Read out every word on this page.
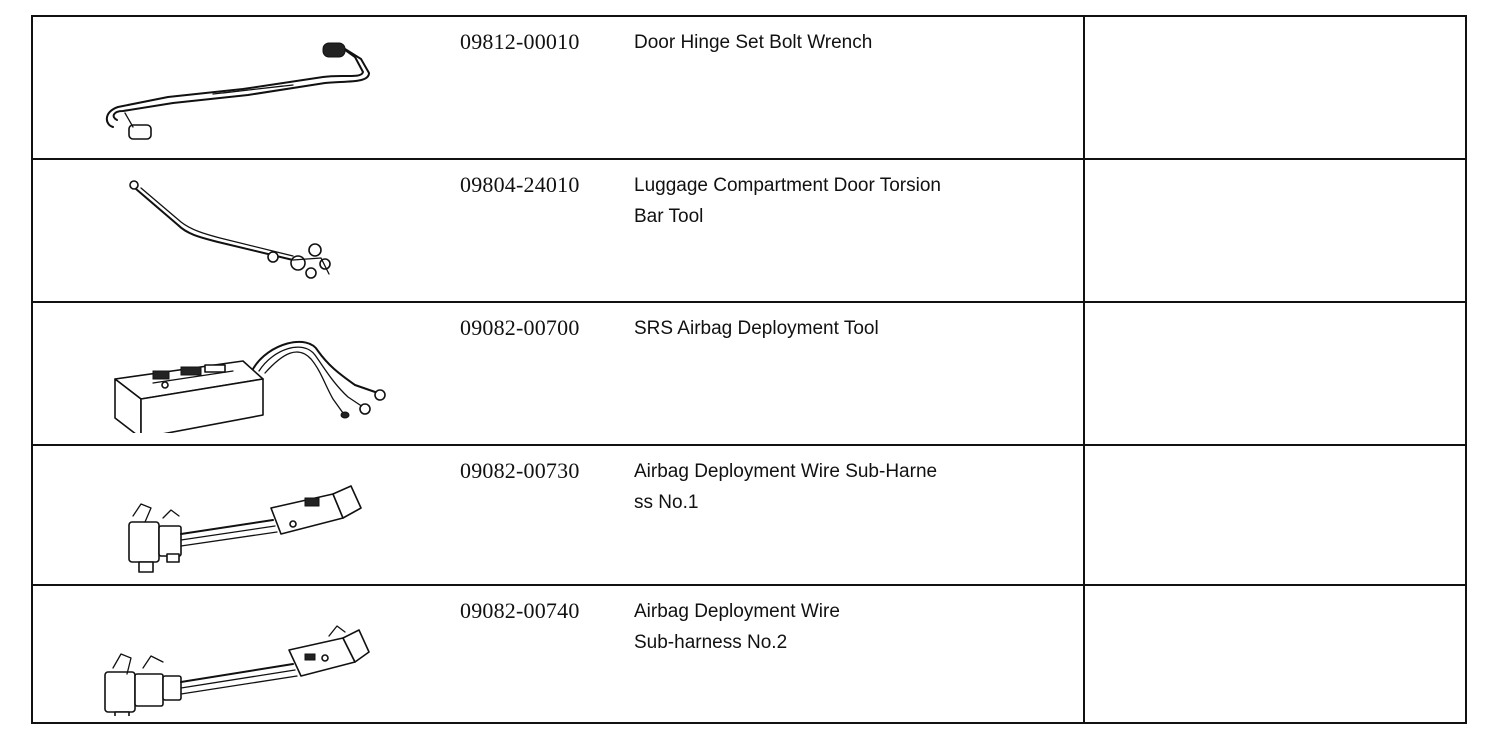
09812-00010	Door Hinge Set Bolt Wrench
09804-24010	Luggage Compartment Door Torsion
Bar Tool
09082-00700	SRS Airbag Deployment Tool
09082-00730	Airbag Deployment Wire Sub-Harne
ss No.1
09082-00740	Airbag Deployment Wire
Sub-harness No.2
